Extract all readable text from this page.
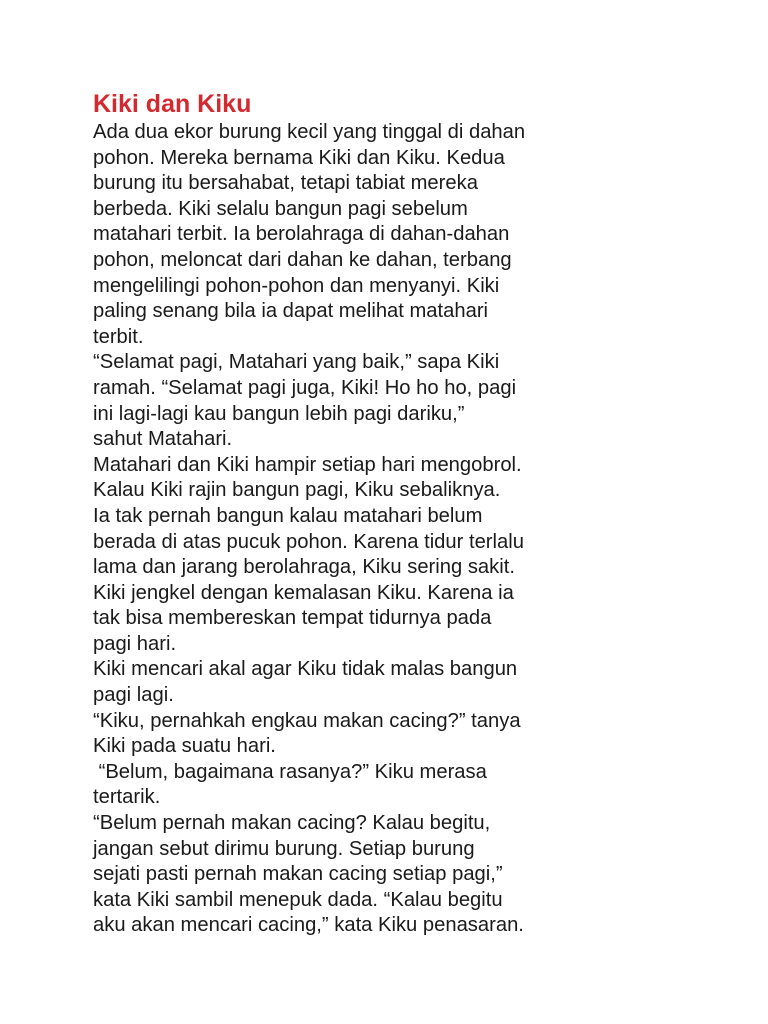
Kiki dan Kiku
Ada dua ekor burung kecil yang tinggal di dahan
pohon. Mereka bernama Kiki dan Kiku. Kedua
burung itu bersahabat, tetapi tabiat mereka
berbeda. Kiki selalu bangun pagi sebelum
matahari terbit. Ia berolahraga di dahan-dahan
pohon, meloncat dari dahan ke dahan, terbang
mengelilingi pohon-pohon dan menyanyi. Kiki
paling senang bila ia dapat melihat matahari
terbit.
“Selamat pagi, Matahari yang baik,” sapa Kiki
ramah. “Selamat pagi juga, Kiki! Ho ho ho, pagi
ini lagi-lagi kau bangun lebih pagi dariku,”
sahut Matahari.
Matahari dan Kiki hampir setiap hari mengobrol.
Kalau Kiki rajin bangun pagi, Kiku sebaliknya.
Ia tak pernah bangun kalau matahari belum
berada di atas pucuk pohon. Karena tidur terlalu
lama dan jarang berolahraga, Kiku sering sakit.
Kiki jengkel dengan kemalasan Kiku. Karena ia
tak bisa membereskan tempat tidurnya pada
pagi hari.
Kiki mencari akal agar Kiku tidak malas bangun
pagi lagi.
“Kiku, pernahkah engkau makan cacing?” tanya
Kiki pada suatu hari.
“Belum, bagaimana rasanya?” Kiku merasa
tertarik.
“Belum pernah makan cacing? Kalau begitu,
jangan sebut dirimu burung. Setiap burung
sejati pasti pernah makan cacing setiap pagi,”
kata Kiki sambil menepuk dada. “Kalau begitu
aku akan mencari cacing,” kata Kiku penasaran.
